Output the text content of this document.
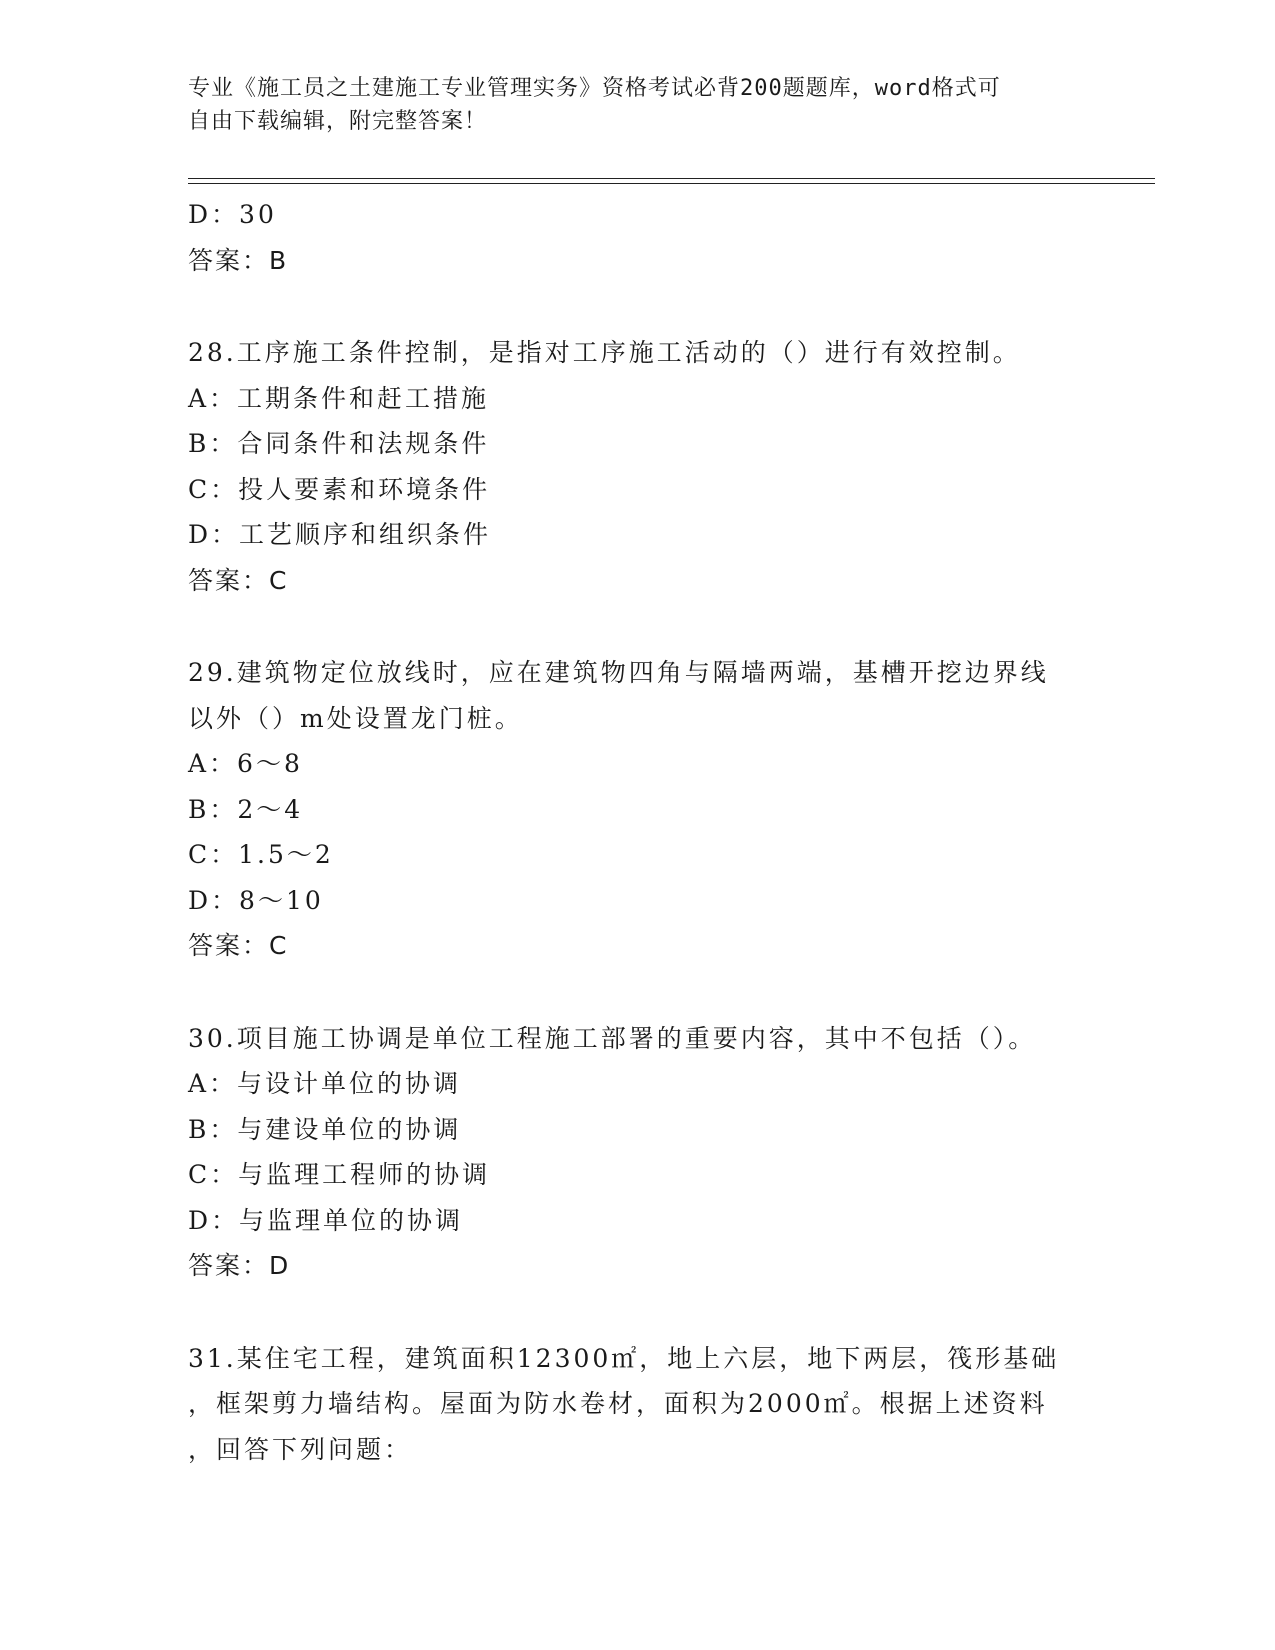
专业《施工员之土建施工专业管理实务》资格考试必背200题题库，word格式可
自由下载编辑，附完整答案！
D：30
答案：B
28.工序施工条件控制，是指对工序施工活动的（）进行有效控制。
A：工期条件和赶工措施
B：合同条件和法规条件
C：投人要素和环境条件
D：工艺顺序和组织条件
答案：C
29.建筑物定位放线时，应在建筑物四角与隔墙两端，基槽开挖边界线
以外（）m处设置龙门桩。
A：6～8
B：2～4
C：1.5～2
D：8～10
答案：C
30.项目施工协调是单位工程施工部署的重要内容，其中不包括（）。
A：与设计单位的协调
B：与建设单位的协调
C：与监理工程师的协调
D：与监理单位的协调
答案：D
31.某住宅工程，建筑面积12300㎡，地上六层，地下两层，筏形基础
，框架剪力墙结构。屋面为防水卷材，面积为2000㎡。根据上述资料
，回答下列问题：
